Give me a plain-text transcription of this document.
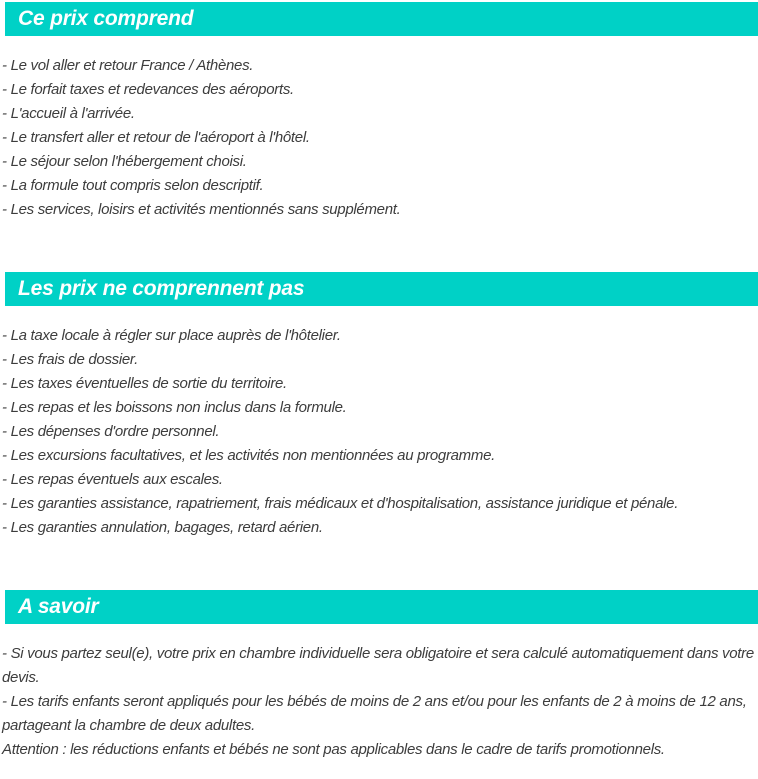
Ce prix comprend
- Le vol aller et retour France / Athènes.
- Le forfait taxes et redevances des aéroports.
- L'accueil à l'arrivée.
- Le transfert aller et retour de l'aéroport à l'hôtel.
- Le séjour selon l'hébergement choisi.
- La formule tout compris selon descriptif.
- Les services, loisirs et activités mentionnés sans supplément.
Les prix ne comprennent pas
- La taxe locale à régler sur place auprès de l'hôtelier.
- Les frais de dossier.
- Les taxes éventuelles de sortie du territoire.
- Les repas et les boissons non inclus dans la formule.
- Les dépenses d'ordre personnel.
- Les excursions facultatives, et les activités non mentionnées au programme.
- Les repas éventuels aux escales.
- Les garanties assistance, rapatriement, frais médicaux et d'hospitalisation, assistance juridique et pénale.
- Les garanties annulation, bagages, retard aérien.
A savoir
- Si vous partez seul(e), votre prix en chambre individuelle sera obligatoire et sera calculé automatiquement dans votre devis.
- Les tarifs enfants seront appliqués pour les bébés de moins de 2 ans et/ou pour les enfants de 2 à moins de 12 ans, partageant la chambre de deux adultes.
Attention : les réductions enfants et bébés ne sont pas applicables dans le cadre de tarifs promotionnels.
